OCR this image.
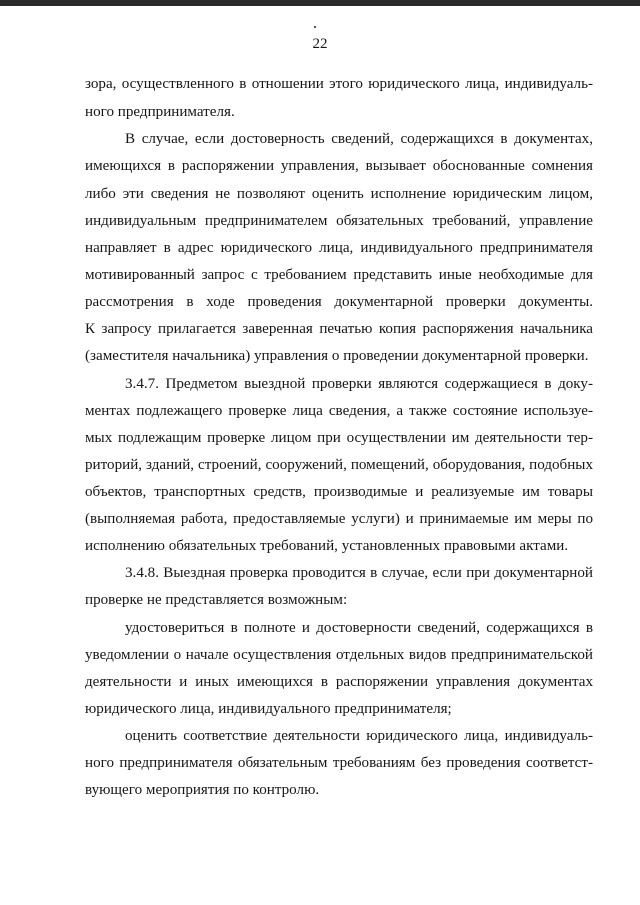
22
зора, осуществленного в отношении этого юридического лица, индивидуаль-
ного предпринимателя.
В случае, если достоверность сведений, содержащихся в документах,
имеющихся в распоряжении управления, вызывает обоснованные сомнения
либо эти сведения не позволяют оценить исполнение юридическим лицом,
индивидуальным предпринимателем обязательных требований, управление
направляет в адрес юридического лица, индивидуального предпринимателя
мотивированный запрос с требованием представить иные необходимые для
рассмотрения в ходе проведения документарной проверки документы.
К запросу прилагается заверенная печатью копия распоряжения начальника
(заместителя начальника) управления о проведении документарной проверки.
3.4.7. Предметом выездной проверки являются содержащиеся в доку-
ментах подлежащего проверке лица сведения, а также состояние используе-
мых подлежащим проверке лицом при осуществлении им деятельности тер-
риторий, зданий, строений, сооружений, помещений, оборудования, подобных
объектов, транспортных средств, производимые и реализуемые им товары
(выполняемая работа, предоставляемые услуги) и принимаемые им меры по
исполнению обязательных требований, установленных правовыми актами.
3.4.8. Выездная проверка проводится в случае, если при документарной
проверке не представляется возможным:
удостовериться в полноте и достоверности сведений, содержащихся в
уведомлении о начале осуществления отдельных видов предпринимательской
деятельности и иных имеющихся в распоряжении управления документах
юридического лица, индивидуального предпринимателя;
оценить соответствие деятельности юридического лица, индивидуаль-
ного предпринимателя обязательным требованиям без проведения соответст-
вующего мероприятия по контролю.
